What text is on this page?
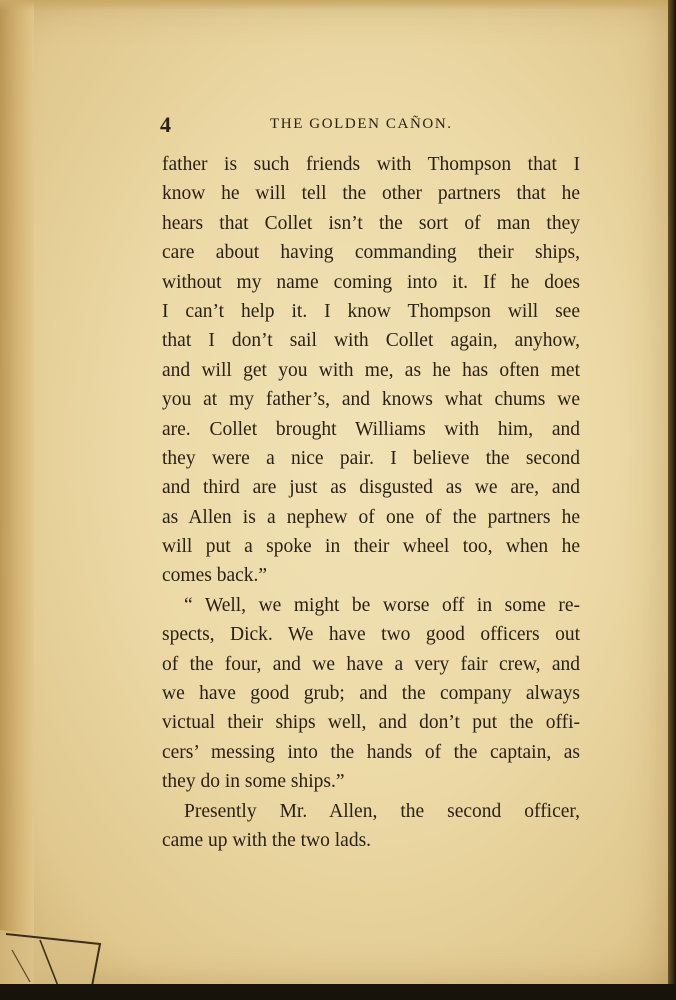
4	THE GOLDEN CAÑON.
father is such friends with Thompson that I
know he will tell the other partners that he
hears that Collet isn’t the sort of man they
care about having commanding their ships,
without my name coming into it. If he does
I can’t help it. I know Thompson will see
that I don’t sail with Collet again, anyhow,
and will get you with me, as he has often met
you at my father’s, and knows what chums we
are. Collet brought Williams with him, and
they were a nice pair. I believe the second
and third are just as disgusted as we are, and
as Allen is a nephew of one of the partners he
will put a spoke in their wheel too, when he
comes back.”
“ Well, we might be worse off in some re-
spects, Dick. We have two good officers out
of the four, and we have a very fair crew, and
we have good grub; and the company always
victual their ships well, and don’t put the offi-
cers’ messing into the hands of the captain, as
they do in some ships.”
Presently Mr. Allen, the second officer,
came up with the two lads.
